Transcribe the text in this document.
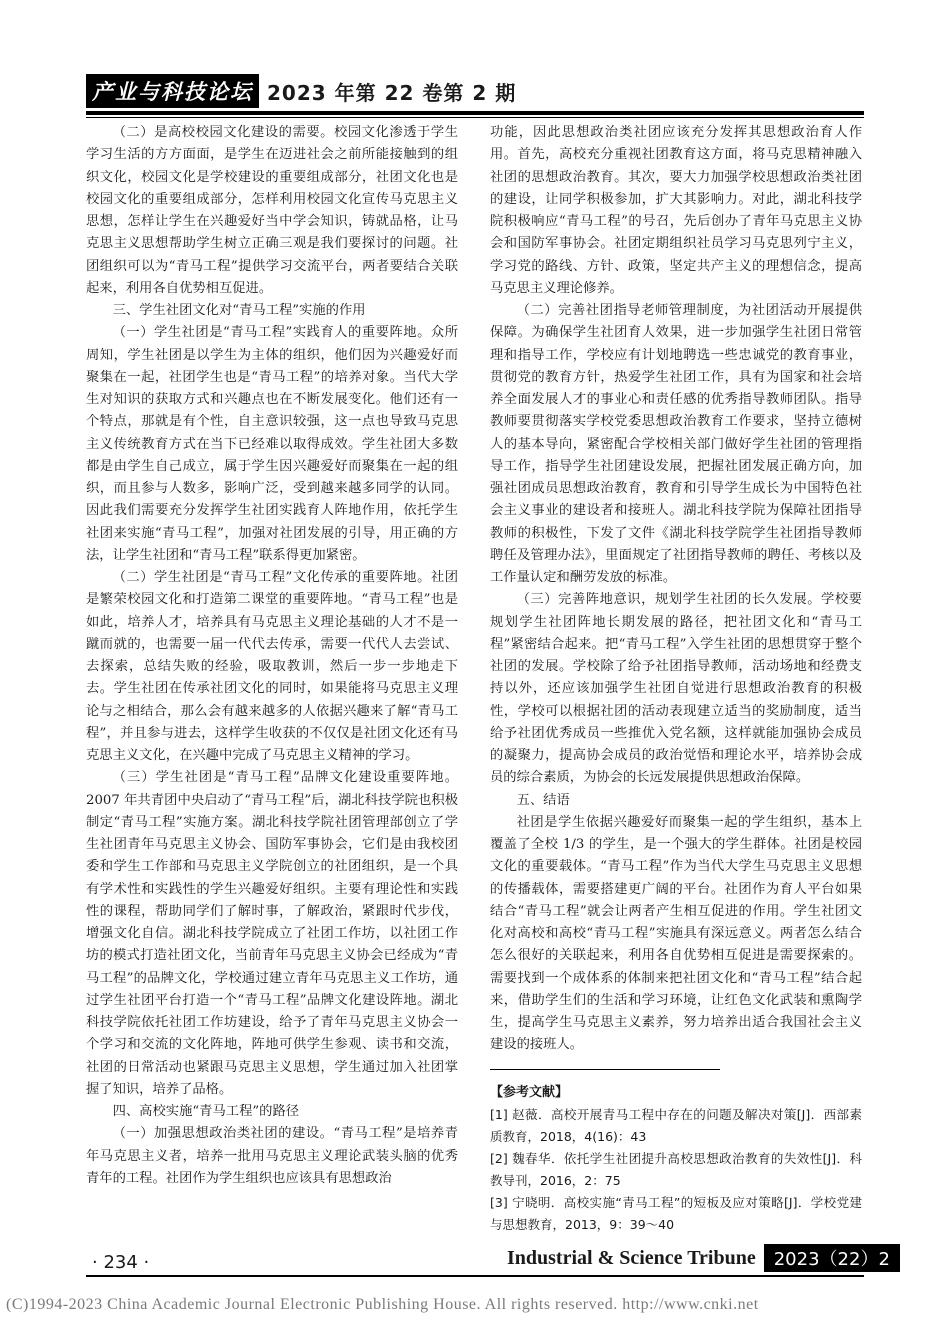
产业与科技论坛 2023 年第 22 卷第 2 期

（二）是高校校园文化建设的需要。校园文化渗透于学生学习生活的方方面面，是学生在迈进社会之前所能接触到的组织文化，校园文化是学校建设的重要组成部分，社团文化也是校园文化的重要组成部分，怎样利用校园文化宣传马克思主义思想，怎样让学生在兴趣爱好当中学会知识，铸就品格，让马克思主义思想帮助学生树立正确三观是我们要探讨的问题。社团组织可以为“青马工程”提供学习交流平台，两者要结合关联起来，利用各自优势相互促进。

三、学生社团文化对“青马工程”实施的作用

（一）学生社团是“青马工程”实践育人的重要阵地。众所周知，学生社团是以学生为主体的组织，他们因为兴趣爱好而聚集在一起，社团学生也是“青马工程”的培养对象。当代大学生对知识的获取方式和兴趣点也在不断发展变化。他们还有一个特点，那就是有个性，自主意识较强，这一点也导致马克思主义传统教育方式在当下已经难以取得成效。学生社团大多数都是由学生自己成立，属于学生因兴趣爱好而聚集在一起的组织，而且参与人数多，影响广泛，受到越来越多同学的认同。因此我们需要充分发挥学生社团实践育人阵地作用，依托学生社团来实施“青马工程”，加强对社团发展的引导，用正确的方法，让学生社团和“青马工程”联系得更加紧密。

（二）学生社团是“青马工程”文化传承的重要阵地。社团是繁荣校园文化和打造第二课堂的重要阵地。“青马工程”也是如此，培养人才，培养具有马克思主义理论基础的人才不是一蹴而就的，也需要一届一代代去传承，需要一代代人去尝试、去探索，总结失败的经验，吸取教训，然后一步一步地走下去。学生社团在传承社团文化的同时，如果能将马克思主义理论与之相结合，那么会有越来越多的人依据兴趣来了解“青马工程”，并且参与进去，这样学生收获的不仅仅是社团文化还有马克思主义文化，在兴趣中完成了马克思主义精神的学习。

（三）学生社团是“青马工程”品牌文化建设重要阵地。2007 年共青团中央启动了“青马工程”后，湖北科技学院也积极制定“青马工程”实施方案。湖北科技学院社团管理部创立了学生社团青年马克思主义协会、国防军事协会，它们是由我校团委和学生工作部和马克思主义学院创立的社团组织，是一个具有学术性和实践性的学生兴趣爱好组织。主要有理论性和实践性的课程，帮助同学们了解时事，了解政治，紧跟时代步伐，增强文化自信。湖北科技学院成立了社团工作坊，以社团工作坊的模式打造社团文化，当前青年马克思主义协会已经成为“青马工程”的品牌文化，学校通过建立青年马克思主义工作坊，通过学生社团平台打造一个“青马工程”品牌文化建设阵地。湖北科技学院依托社团工作坊建设，给予了青年马克思主义协会一个学习和交流的文化阵地，阵地可供学生参观、读书和交流，社团的日常活动也紧跟马克思主义思想，学生通过加入社团掌握了知识，培养了品格。

四、高校实施“青马工程”的路径

（一）加强思想政治类社团的建设。“青马工程”是培养青年马克思主义者，培养一批用马克思主义理论武装头脑的优秀青年的工程。社团作为学生组织也应该具有思想政治

功能，因此思想政治类社团应该充分发挥其思想政治育人作用。首先，高校充分重视社团教育这方面，将马克思精神融入社团的思想政治教育。其次，要大力加强学校思想政治类社团的建设，让同学积极参加，扩大其影响力。对此，湖北科技学院积极响应“青马工程”的号召，先后创办了青年马克思主义协会和国防军事协会。社团定期组织社员学习马克思列宁主义，学习党的路线、方针、政策，坚定共产主义的理想信念，提高马克思主义理论修养。

（二）完善社团指导老师管理制度，为社团活动开展提供保障。为确保学生社团育人效果，进一步加强学生社团日常管理和指导工作，学校应有计划地聘选一些忠诚党的教育事业，贯彻党的教育方针，热爱学生社团工作，具有为国家和社会培养全面发展人才的事业心和责任感的优秀指导教师团队。指导教师要贯彻落实学校党委思想政治教育工作要求，坚持立德树人的基本导向，紧密配合学校相关部门做好学生社团的管理指导工作，指导学生社团建设发展，把握社团发展正确方向，加强社团成员思想政治教育，教育和引导学生成长为中国特色社会主义事业的建设者和接班人。湖北科技学院为保障社团指导教师的积极性，下发了文件《湖北科技学院学生社团指导教师聘任及管理办法》，里面规定了社团指导教师的聘任、考核以及工作量认定和酬劳发放的标准。

（三）完善阵地意识，规划学生社团的长久发展。学校要规划学生社团阵地长期发展的路径，把社团文化和“青马工程”紧密结合起来。把“青马工程”入学生社团的思想贯穿于整个社团的发展。学校除了给予社团指导教师，活动场地和经费支持以外，还应该加强学生社团自觉进行思想政治教育的积极性，学校可以根据社团的活动表现建立适当的奖励制度，适当给予社团优秀成员一些推优入党名额，这样就能加强协会成员的凝聚力，提高协会成员的政治觉悟和理论水平，培养协会成员的综合素质，为协会的长远发展提供思想政治保障。

五、结语

社团是学生依据兴趣爱好而聚集一起的学生组织，基本上覆盖了全校 1/3 的学生，是一个强大的学生群体。社团是校园文化的重要载体。“青马工程”作为当代大学生马克思主义思想的传播载体，需要搭建更广阔的平台。社团作为育人平台如果结合“青马工程”就会让两者产生相互促进的作用。学生社团文化对高校和高校“青马工程”实施具有深远意义。两者怎么结合怎么很好的关联起来，利用各自优势相互促进是需要探索的。需要找到一个成体系的体制来把社团文化和“青马工程”结合起来，借助学生们的生活和学习环境，让红色文化武装和熏陶学生，提高学生马克思主义素养，努力培养出适合我国社会主义建设的接班人。

【参考文献】

[1] 赵薇．高校开展青马工程中存在的问题及解决对策[J]．西部素质教育，2018，4(16)：43

[2] 魏春华．依托学生社团提升高校思想政治教育的失效性[J]．科教导刊，2016，2：75

[3] 宁晓明．高校实施“青马工程”的短板及应对策略[J]．学校党建与思想教育，2013，9：39～40

· 234 ·	Industrial & Science Tribune	2023（22）2
(C)1994-2023 China Academic Journal Electronic Publishing House. All rights reserved. http://www.cnki.net
